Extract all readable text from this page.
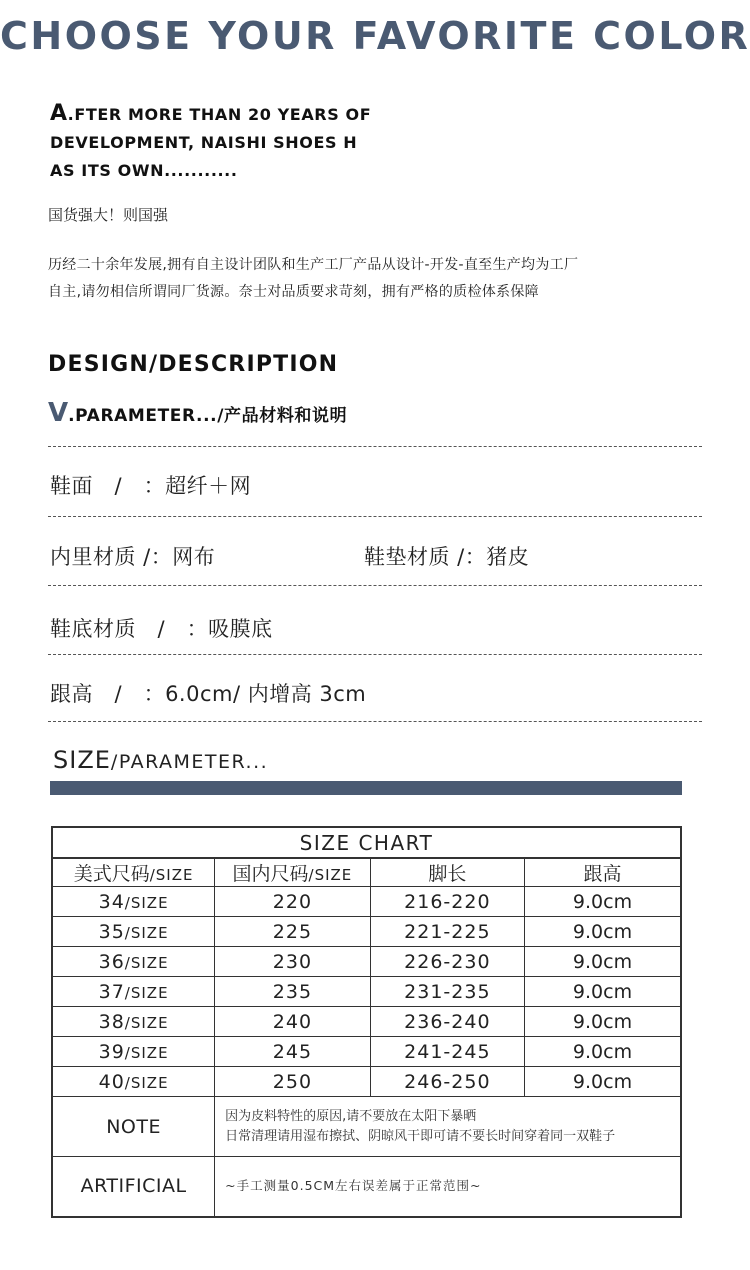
CHOOSE YOUR FAVORITE COLOR
A.FTER MORE THAN 20 YEARS OF
DEVELOPMENT, NAISHI SHOES H
AS ITS OWN...........
国货强大！则国强
历经二十余年发展,拥有自主设计团队和生产工厂产品从设计-开发-直至生产均为工厂
自主,请勿相信所谓同厂货源。奈士对品质要求苛刻，拥有严格的质检体系保障
DESIGN/DESCRIPTION
V.PARAMETER.../产品材料和说明
鞋面　/　：超纤＋网
内里材质 /：网布	鞋垫材质 /：猪皮
鞋底材质　/　：吸膜底
跟高　/　：6.0cm/ 内增高 3cm
SIZE/PARAMETER...
SIZE CHART			
美式尺码/SIZE	国内尺码/SIZE	脚长	跟高
34/SIZE	220	216-220	9.0cm
35/SIZE	225	221-225	9.0cm
36/SIZE	230	226-230	9.0cm
37/SIZE	235	231-235	9.0cm
38/SIZE	240	236-240	9.0cm
39/SIZE	245	241-245	9.0cm
40/SIZE	250	246-250	9.0cm
NOTE	因为皮料特性的原因,请不要放在太阳下暴晒
日常清理请用湿布擦拭、阴晾风干即可请不要长时间穿着同一双鞋子		

ARTIFICIAL	~手工测量0.5CM左右误差属于正常范围~		
